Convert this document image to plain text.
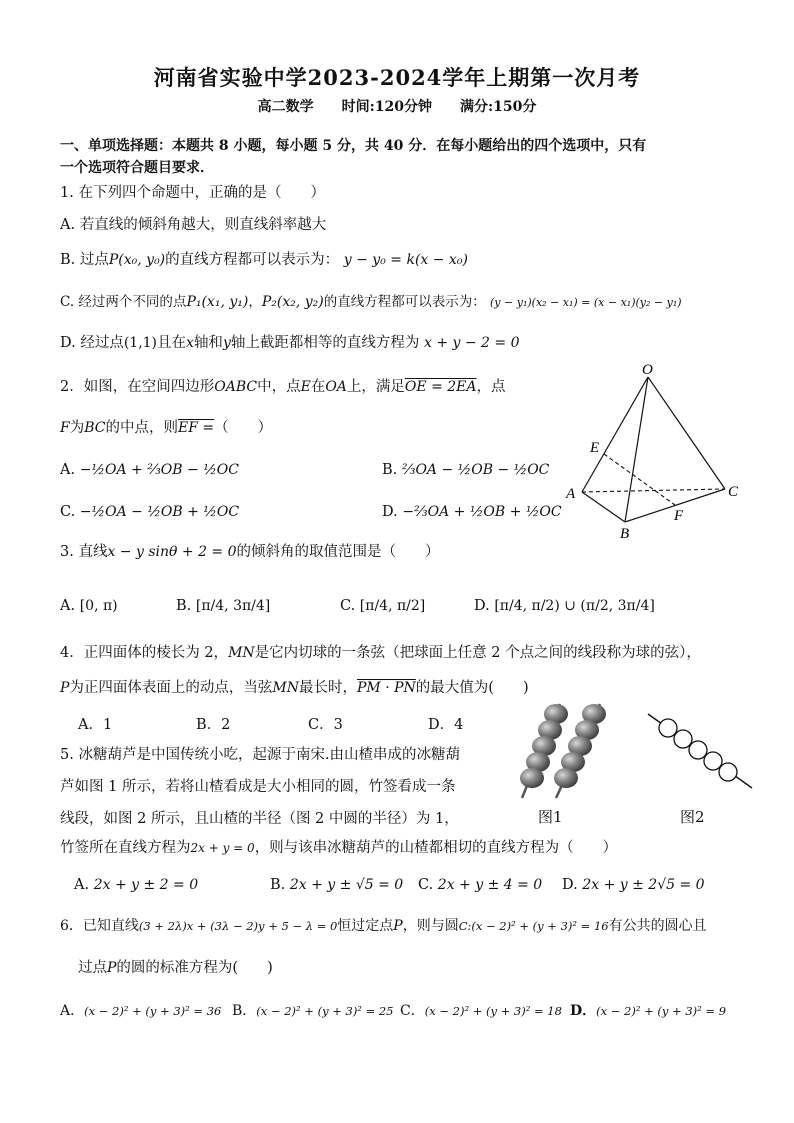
河南省实验中学2023-2024学年上期第一次月考
高二数学　　时间:120分钟　　满分:150分
一、单项选择题：本题共 8 小题，每小题 5 分，共 40 分．在每小题给出的四个选项中，只有
一个选项符合题目要求．
1. 在下列四个命题中，正确的是（　　）
A. 若直线的倾斜角越大，则直线斜率越大
B. 过点P(x₀, y₀)的直线方程都可以表示为： y − y₀ = k(x − x₀)
C. 经过两个不同的点P₁(x₁, y₁)，P₂(x₂, y₂)的直线方程都可以表示为： (y − y₁)(x₂ − x₁) = (x − x₁)(y₂ − y₁)
D. 经过点(1,1)且在x轴和y轴上截距都相等的直线方程为 x + y − 2 = 0
2．如图，在空间四边形OABC中，点E在OA上，满足OE = 2EA，点
F为BC的中点，则EF =（　　）
A. −½OA + ⅔OB − ½OC	B. ⅔OA − ½OB − ½OC
C. −½OA − ½OB + ½OC	D. −⅔OA + ½OB + ½OC
O
E
A	C
F
B
3. 直线x − y sinθ + 2 = 0的倾斜角的取值范围是（　　）
A. [0, π)	B. [π/4, 3π/4]	C. [π/4, π/2]	D. [π/4, π/2) ∪ (π/2, 3π/4]
4．正四面体的棱长为 2，MN是它内切球的一条弦（把球面上任意 2 个点之间的线段称为球的弦），
P为正四面体表面上的动点，当弦MN最长时，PM · PN的最大值为(　　)
A．1	B．2	C．3	D．4
5. 冰糖葫芦是中国传统小吃，起源于南宋.由山楂串成的冰糖葫
芦如图 1 所示，若将山楂看成是大小相同的圆，竹签看成一条
线段，如图 2 所示，且山楂的半径（图 2 中圆的半径）为 1，
竹签所在直线方程为2x + y = 0，则与该串冰糖葫芦的山楂都相切的直线方程为（　　）
图1	图2
A. 2x + y ± 2 = 0	B. 2x + y ± √5 = 0 C. 2x + y ± 4 = 0 D. 2x + y ± 2√5 = 0
6．已知直线(3 + 2λ)x + (3λ − 2)y + 5 − λ = 0恒过定点P，则与圆C:(x − 2)² + (y + 3)² = 16有公共的圆心且
过点P的圆的标准方程为(　　)
A．(x − 2)² + (y + 3)² = 36 B．(x − 2)² + (y + 3)² = 25 C．(x − 2)² + (y + 3)² = 18 D．(x − 2)² + (y + 3)² = 9
